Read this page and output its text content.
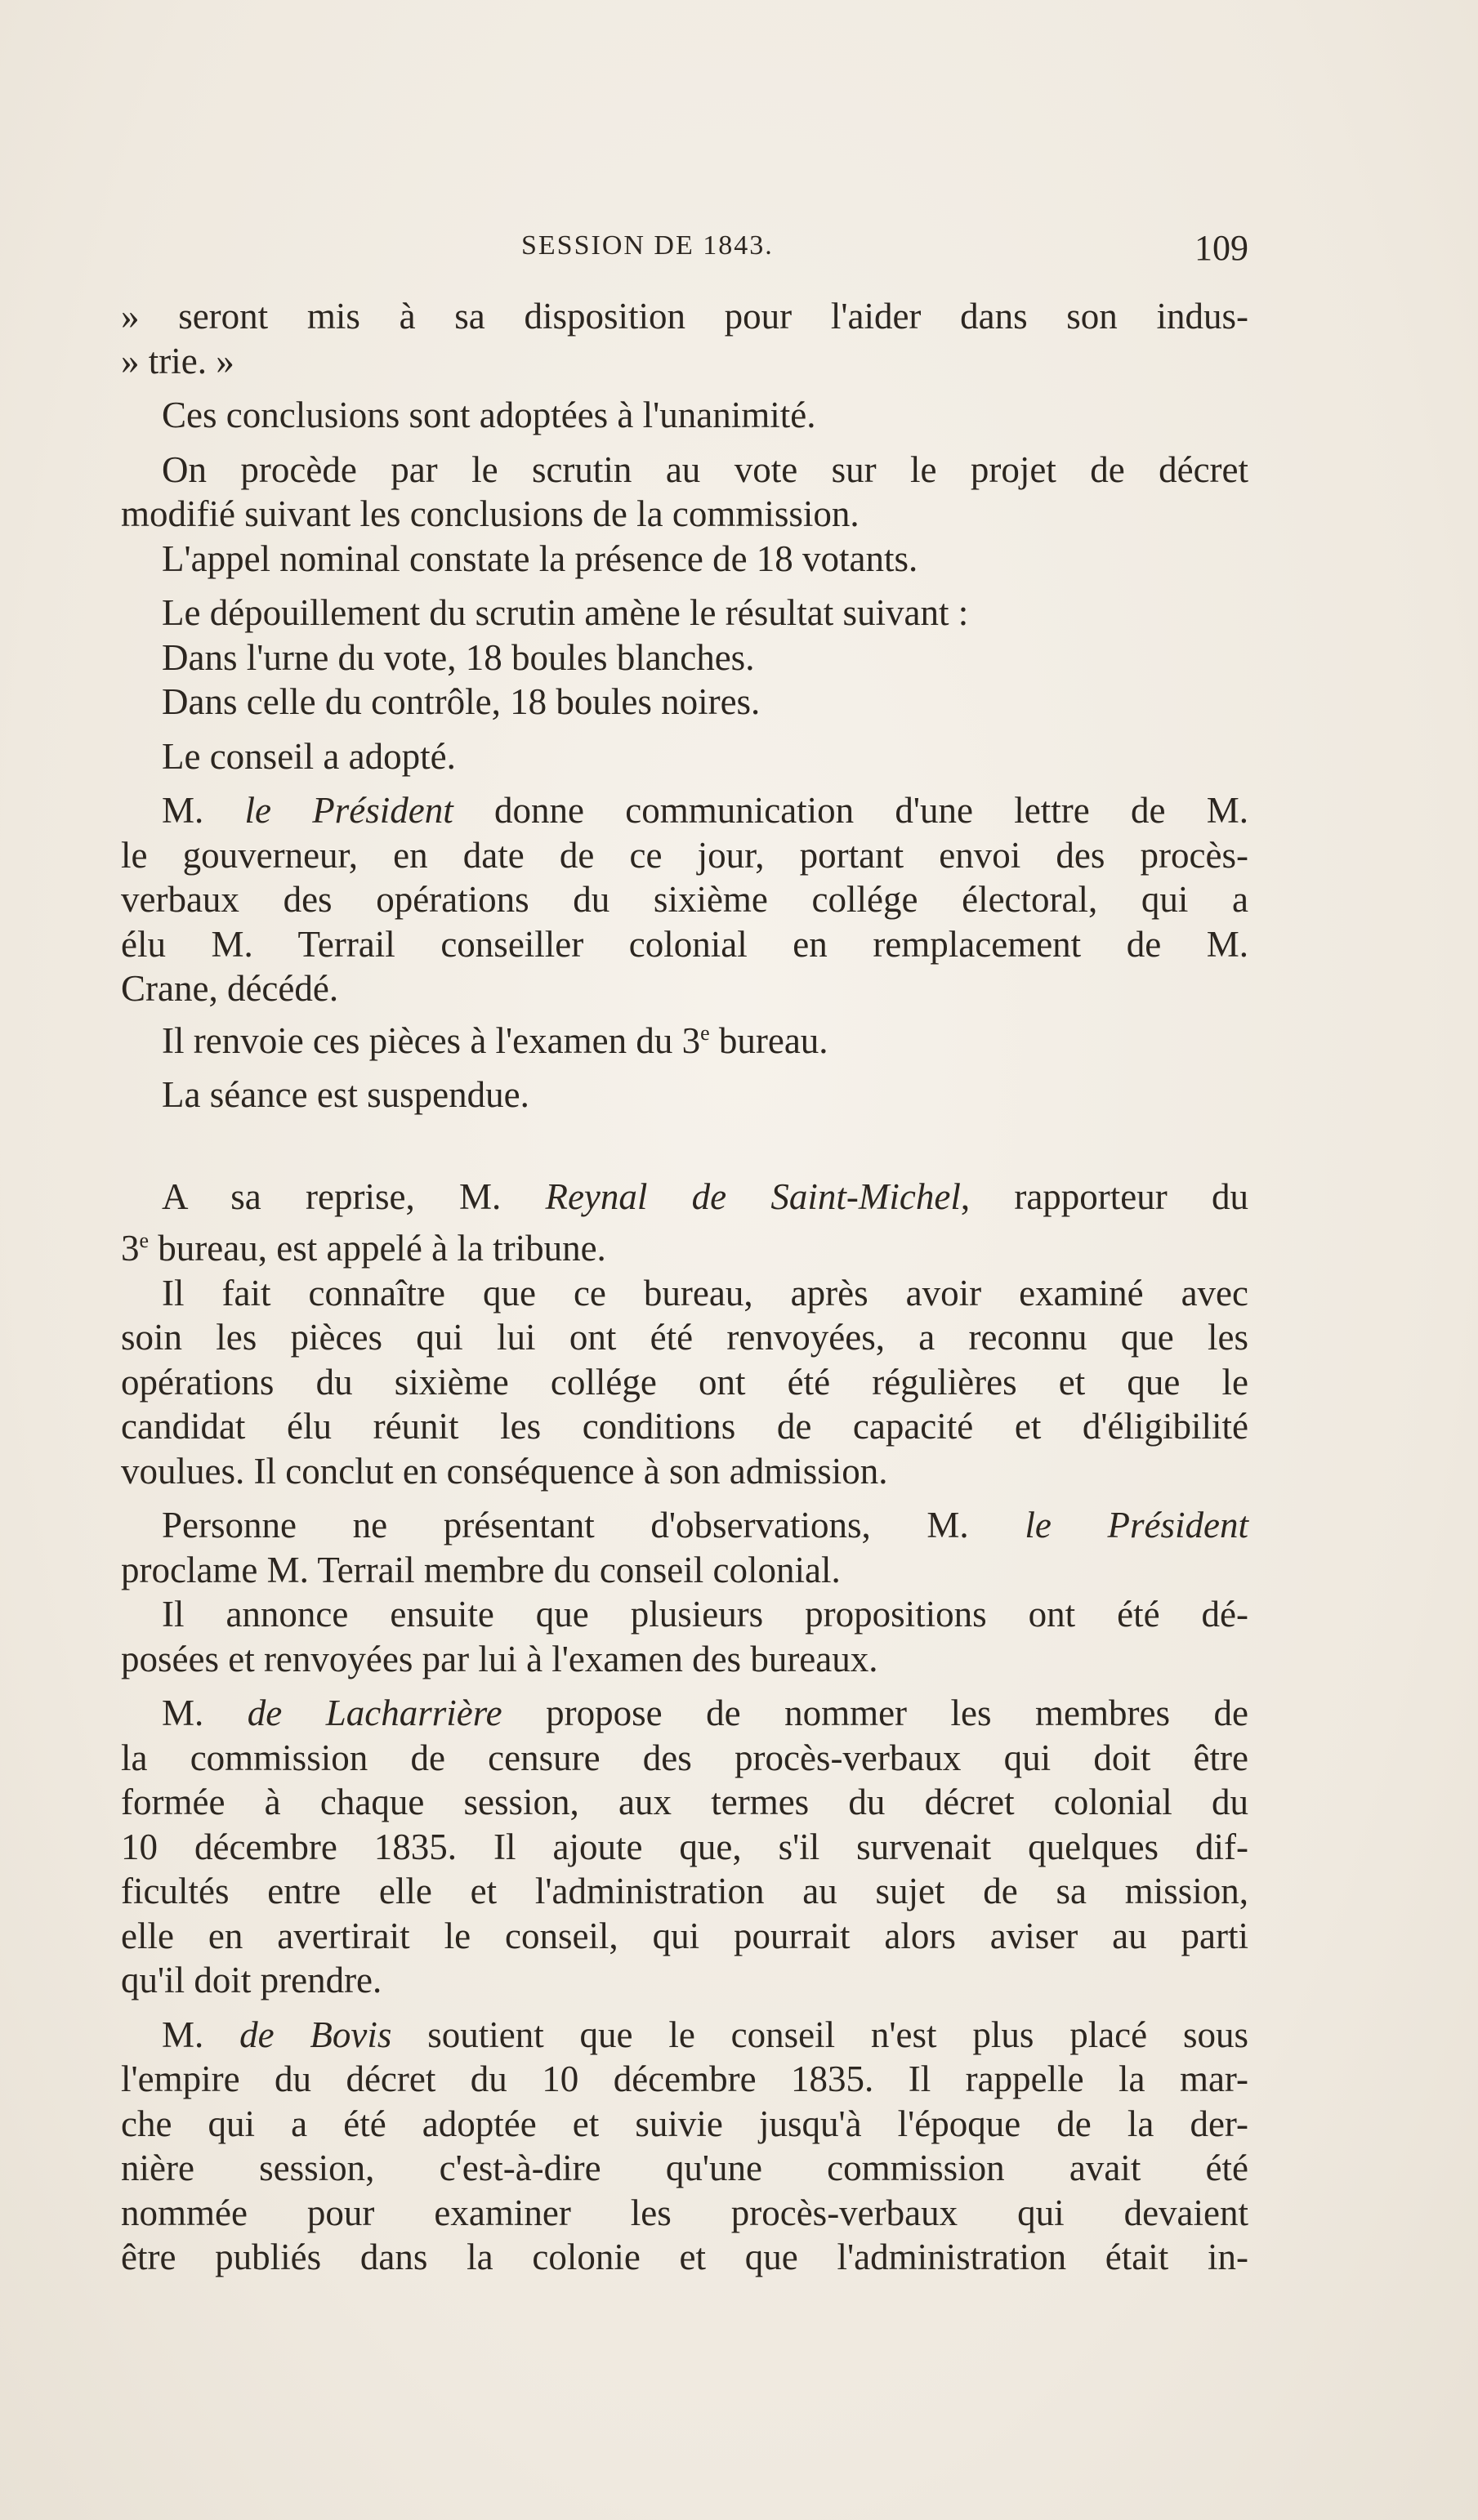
SESSION DE 1843.	109
» seront mis à sa disposition pour l'aider dans son indus-
» trie. »
Ces conclusions sont adoptées à l'unanimité.
On procède par le scrutin au vote sur le projet de décret
modifié suivant les conclusions de la commission.
L'appel nominal constate la présence de 18 votants.
Le dépouillement du scrutin amène le résultat suivant :
Dans l'urne du vote, 18 boules blanches.
Dans celle du contrôle, 18 boules noires.
Le conseil a adopté.
M. le Président donne communication d'une lettre de M.
le gouverneur, en date de ce jour, portant envoi des procès-
verbaux des opérations du sixième collége électoral, qui a
élu M. Terrail conseiller colonial en remplacement de M.
Crane, décédé.
Il renvoie ces pièces à l'examen du 3e bureau.
La séance est suspendue.
A sa reprise, M. Reynal de Saint-Michel, rapporteur du
3e bureau, est appelé à la tribune.
Il fait connaître que ce bureau, après avoir examiné avec
soin les pièces qui lui ont été renvoyées, a reconnu que les
opérations du sixième collége ont été régulières et que le
candidat élu réunit les conditions de capacité et d'éligibilité
voulues. Il conclut en conséquence à son admission.
Personne ne présentant d'observations, M. le Président
proclame M. Terrail membre du conseil colonial.
Il annonce ensuite que plusieurs propositions ont été dé-
posées et renvoyées par lui à l'examen des bureaux.
M. de Lacharrière propose de nommer les membres de
la commission de censure des procès-verbaux qui doit être
formée à chaque session, aux termes du décret colonial du
10 décembre 1835. Il ajoute que, s'il survenait quelques dif-
ficultés entre elle et l'administration au sujet de sa mission,
elle en avertirait le conseil, qui pourrait alors aviser au parti
qu'il doit prendre.
M. de Bovis soutient que le conseil n'est plus placé sous
l'empire du décret du 10 décembre 1835. Il rappelle la mar-
che qui a été adoptée et suivie jusqu'à l'époque de la der-
nière session, c'est-à-dire qu'une commission avait été
nommée pour examiner les procès-verbaux qui devaient
être publiés dans la colonie et que l'administration était in-
